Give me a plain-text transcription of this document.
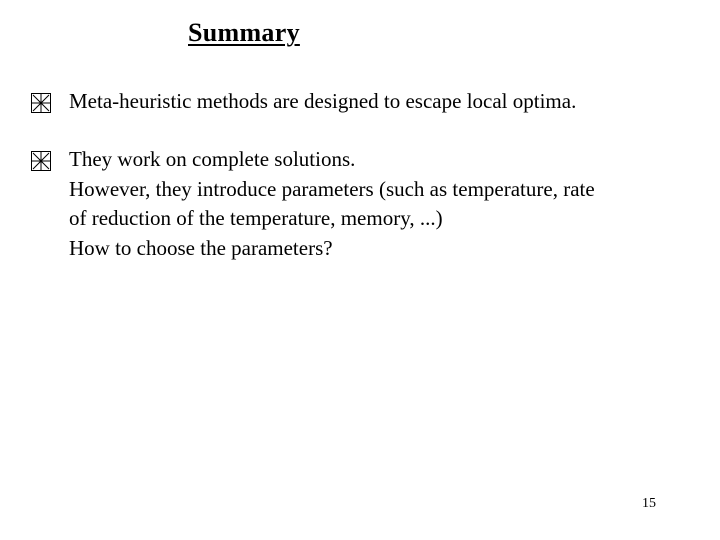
Summary
Meta-heuristic methods are designed to escape local optima.
They work on complete solutions.
However, they introduce parameters (such as temperature, rate
of reduction of the temperature, memory, ...)
How to choose the parameters?
15
